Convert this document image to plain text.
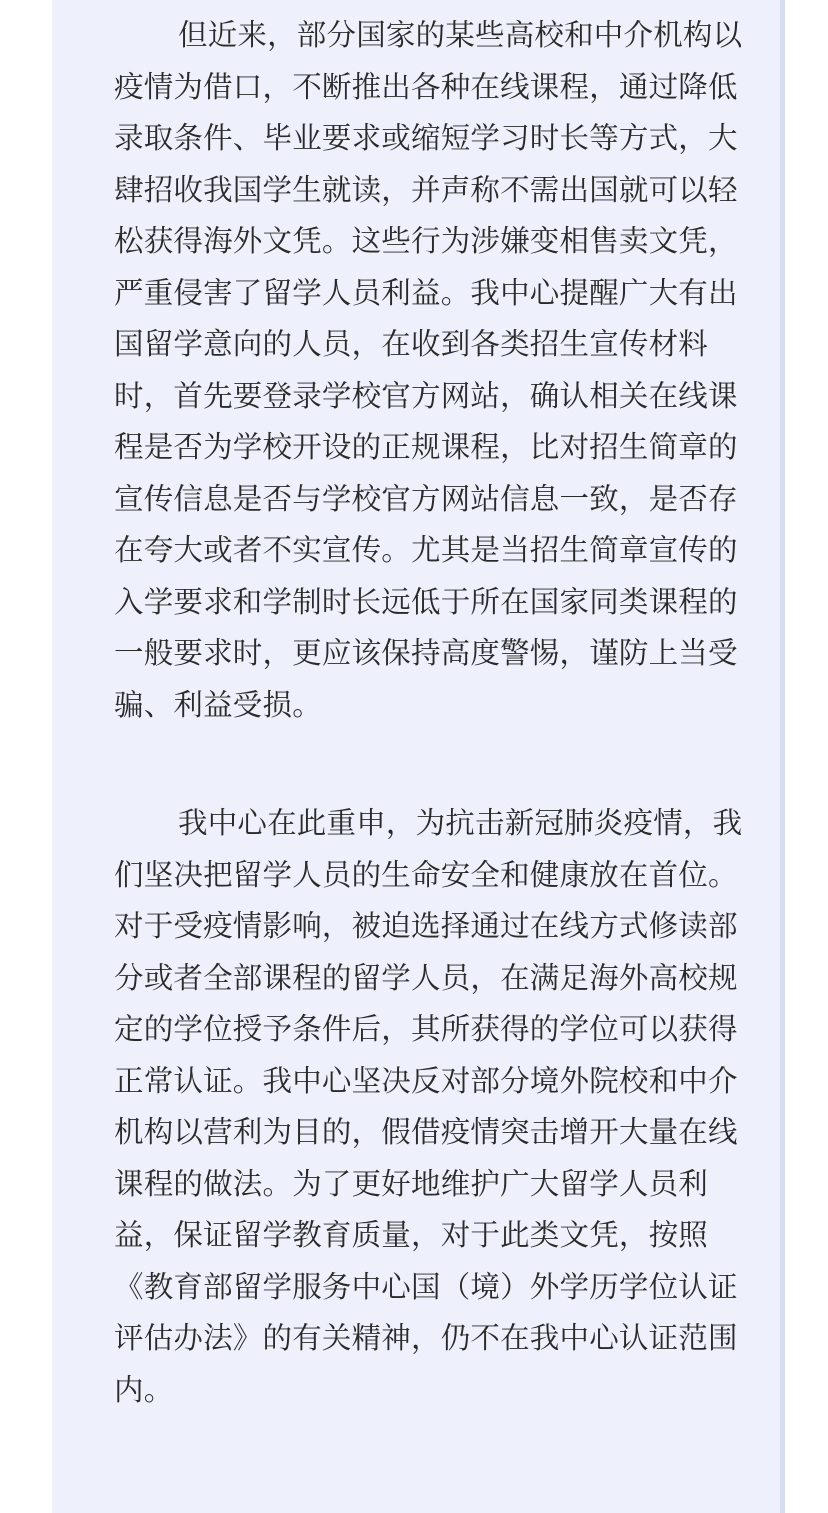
但近来，部分国家的某些高校和中介机构以
疫情为借口，不断推出各种在线课程，通过降低
录取条件、毕业要求或缩短学习时长等方式，大
肆招收我国学生就读，并声称不需出国就可以轻
松获得海外文凭。这些行为涉嫌变相售卖文凭，
严重侵害了留学人员利益。我中心提醒广大有出
国留学意向的人员，在收到各类招生宣传材料
时，首先要登录学校官方网站，确认相关在线课
程是否为学校开设的正规课程，比对招生简章的
宣传信息是否与学校官方网站信息一致，是否存
在夸大或者不实宣传。尤其是当招生简章宣传的
入学要求和学制时长远低于所在国家同类课程的
一般要求时，更应该保持高度警惕，谨防上当受
骗、利益受损。
我中心在此重申，为抗击新冠肺炎疫情，我
们坚决把留学人员的生命安全和健康放在首位。
对于受疫情影响，被迫选择通过在线方式修读部
分或者全部课程的留学人员，在满足海外高校规
定的学位授予条件后，其所获得的学位可以获得
正常认证。我中心坚决反对部分境外院校和中介
机构以营利为目的，假借疫情突击增开大量在线
课程的做法。为了更好地维护广大留学人员利
益，保证留学教育质量，对于此类文凭，按照
《教育部留学服务中心国（境）外学历学位认证
评估办法》的有关精神，仍不在我中心认证范围
内。
